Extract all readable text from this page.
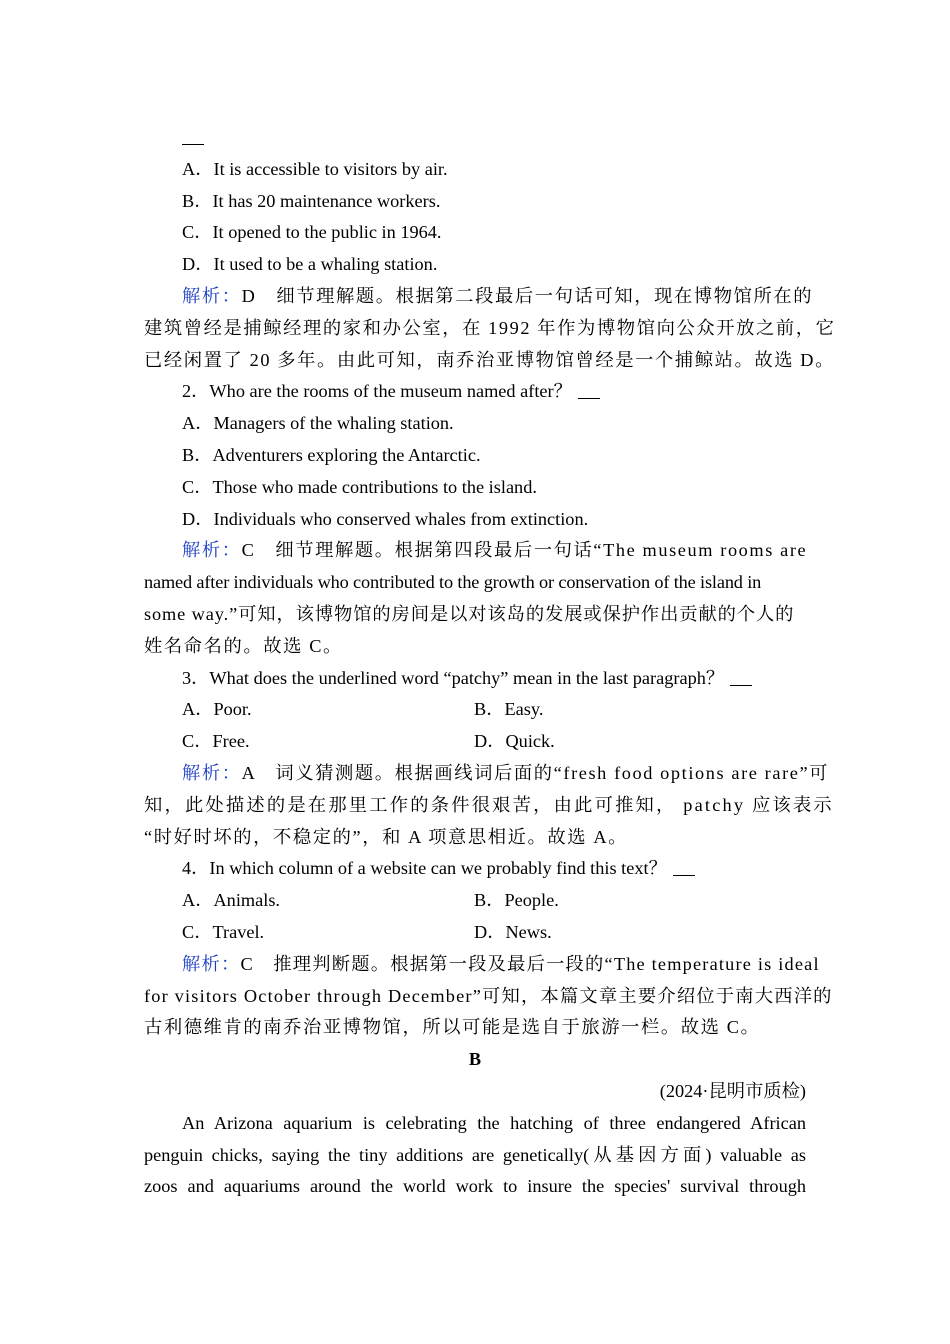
A．It is accessible to visitors by air.
B．It has 20 maintenance workers.
C．It opened to the public in 1964.
D．It used to be a whaling station.
解析：D　细节理解题。根据第二段最后一句话可知，现在博物馆所在的
建筑曾经是捕鲸经理的家和办公室，在 1992 年作为博物馆向公众开放之前，它
已经闲置了 20 多年。由此可知，南乔治亚博物馆曾经是一个捕鲸站。故选 D。
2．Who are the rooms of the museum named after？
A．Managers of the whaling station.
B．Adventurers exploring the Antarctic.
C．Those who made contributions to the island.
D．Individuals who conserved whales from extinction.
解析：C　细节理解题。根据第四段最后一句话“The museum rooms are
named after individuals who contributed to the growth or conservation of the island in
some way.”可知，该博物馆的房间是以对该岛的发展或保护作出贡献的个人的
姓名命名的。故选 C。
3．What does the underlined word “patchy” mean in the last paragraph？
A．Poor.	B．Easy.
C．Free.	D．Quick.
解析：A　词义猜测题。根据画线词后面的“fresh food options are rare”可
知，此处描述的是在那里工作的条件很艰苦，由此可推知， patchy 应该表示
“时好时坏的，不稳定的”，和 A 项意思相近。故选 A。
4．In which column of a website can we probably find this text？
A．Animals.	B．People.
C．Travel.	D．News.
解析：C　推理判断题。根据第一段及最后一段的“The temperature is ideal
for visitors October through December”可知，本篇文章主要介绍位于南大西洋的
古利德维肯的南乔治亚博物馆，所以可能是选自于旅游一栏。故选 C。
B
(2024·昆明市质检)
An Arizona aquarium is celebrating the hatching of three endangered African
penguin chicks, saying the tiny additions are genetically(从基因方面) valuable as
zoos and aquariums around the world work to insure the species' survival through
